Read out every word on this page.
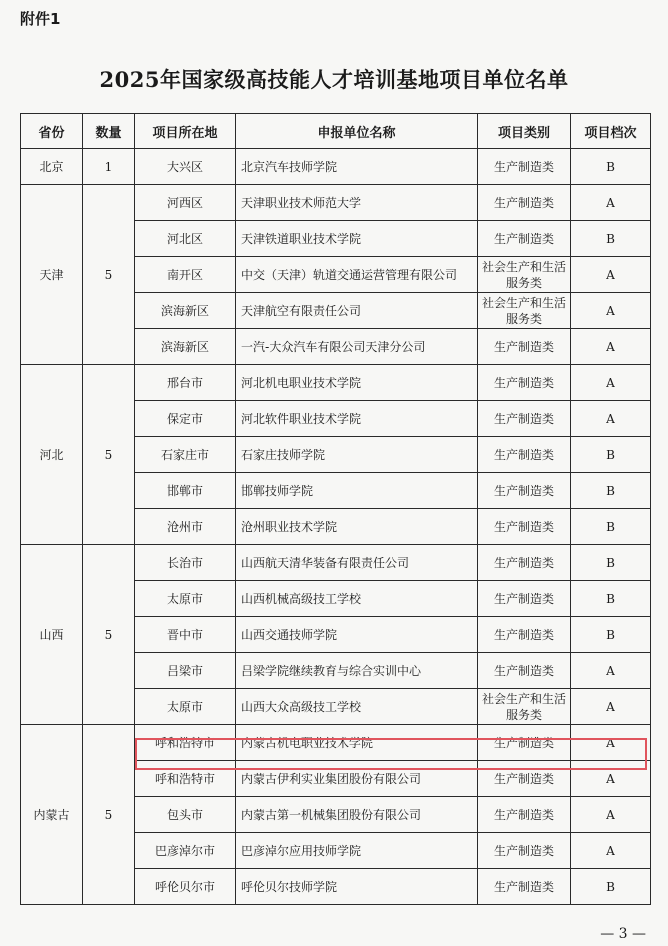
附件1
2025年国家级高技能人才培训基地项目单位名单
省份	数量	项目所在地	申报单位名称	项目类别	项目档次
北京	1	大兴区	北京汽车技师学院	生产制造类	B
天津	5	河西区	天津职业技术师范大学	生产制造类	A
		河北区	天津铁道职业技术学院	生产制造类	B
		南开区	中交（天津）轨道交通运营管理有限公司	社会生产和生活服务类	A
		滨海新区	天津航空有限责任公司	社会生产和生活服务类	A
		滨海新区	一汽-大众汽车有限公司天津分公司	生产制造类	A
河北	5	邢台市	河北机电职业技术学院	生产制造类	A
		保定市	河北软件职业技术学院	生产制造类	A
		石家庄市	石家庄技师学院	生产制造类	B
		邯郸市	邯郸技师学院	生产制造类	B
		沧州市	沧州职业技术学院	生产制造类	B
山西	5	长治市	山西航天清华装备有限责任公司	生产制造类	B
		太原市	山西机械高级技工学校	生产制造类	B
		晋中市	山西交通技师学院	生产制造类	B
		吕梁市	吕梁学院继续教育与综合实训中心	生产制造类	A
		太原市	山西大众高级技工学校	社会生产和生活服务类	A
内蒙古	5	呼和浩特市	内蒙古机电职业技术学院	生产制造类	A
		呼和浩特市	内蒙古伊利实业集团股份有限公司	生产制造类	A
		包头市	内蒙古第一机械集团股份有限公司	生产制造类	A
		巴彦淖尔市	巴彦淖尔应用技师学院	生产制造类	A
		呼伦贝尔市	呼伦贝尔技师学院	生产制造类	B
— 3 —
